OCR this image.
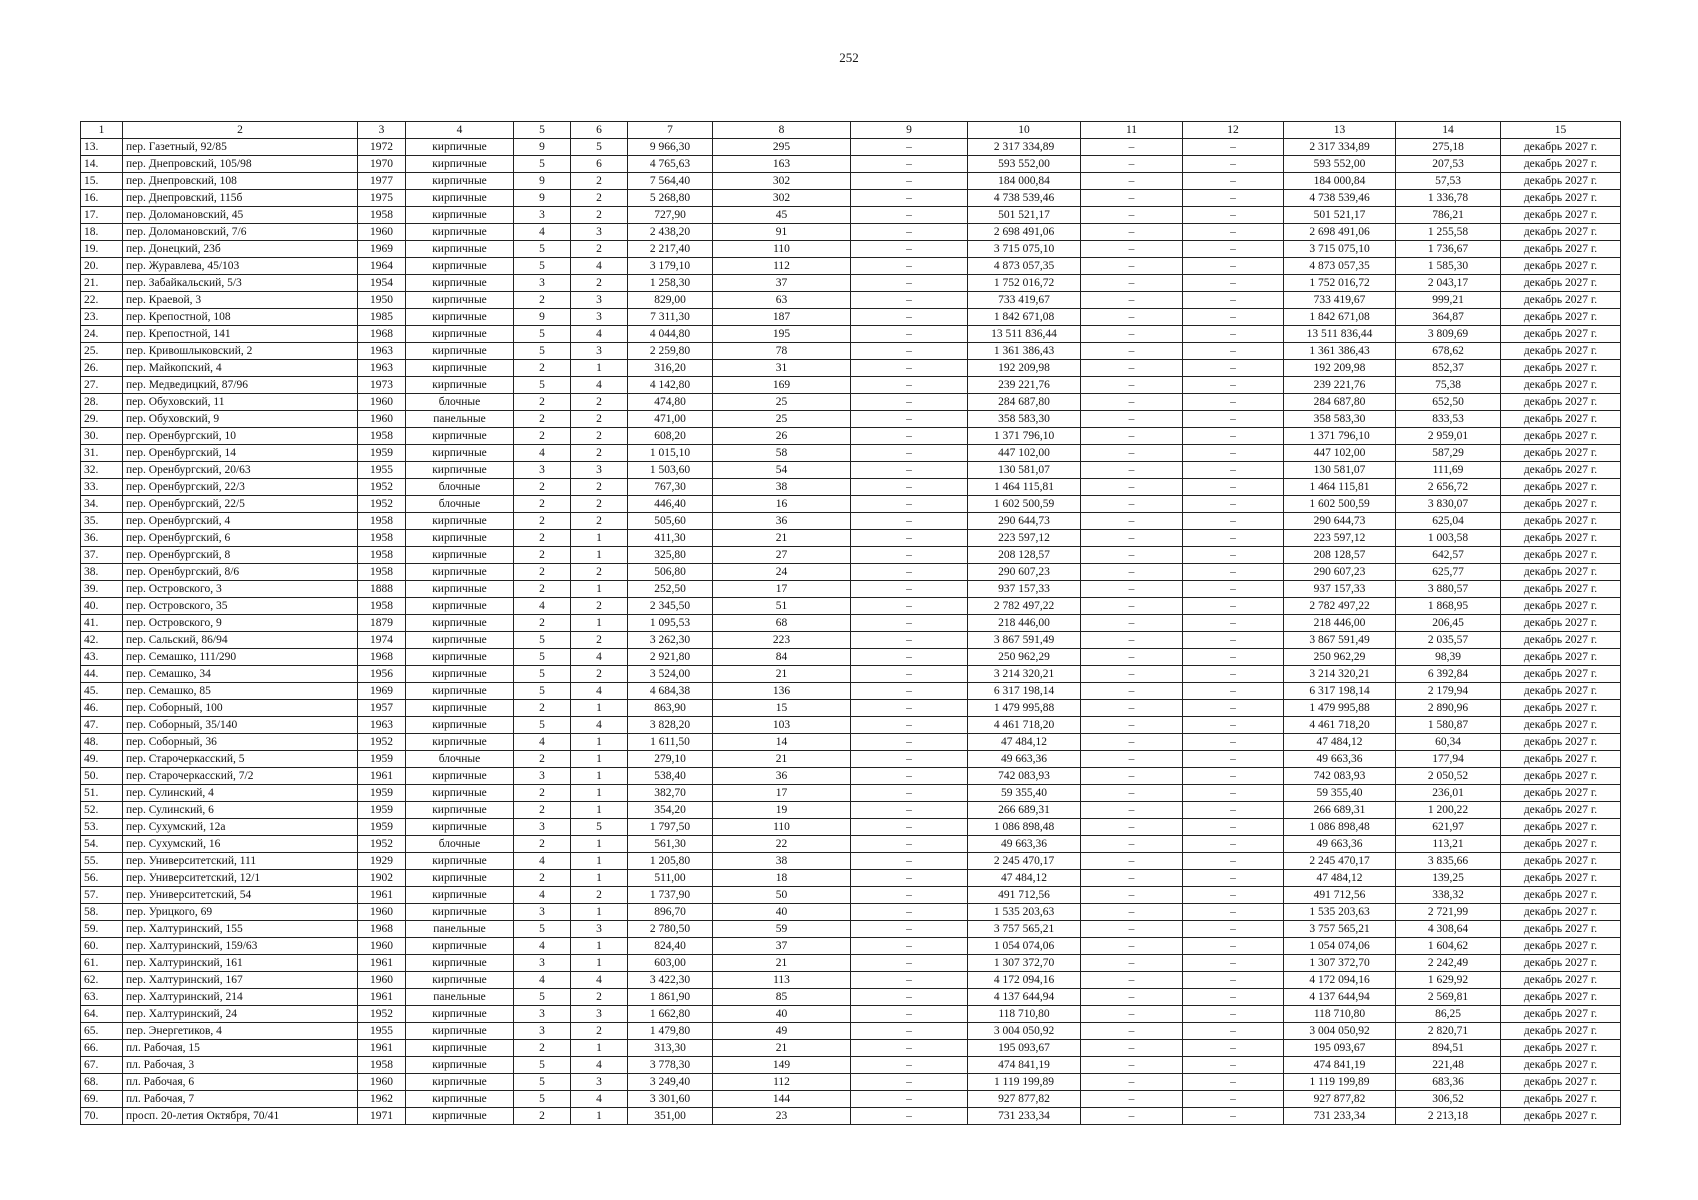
252
1	2	3	4	5	6	7	8	9	10	11	12	13	14	15
13.	пер. Газетный, 92/85	1972	кирпичные	9	5	9 966,30	295	–	2 317 334,89	–	–	2 317 334,89	275,18	декабрь 2027 г.
14.	пер. Днепровский, 105/98	1970	кирпичные	5	6	4 765,63	163	–	593 552,00	–	–	593 552,00	207,53	декабрь 2027 г.
15.	пер. Днепровский, 108	1977	кирпичные	9	2	7 564,40	302	–	184 000,84	–	–	184 000,84	57,53	декабрь 2027 г.
16.	пер. Днепровский, 115б	1975	кирпичные	9	2	5 268,80	302	–	4 738 539,46	–	–	4 738 539,46	1 336,78	декабрь 2027 г.
17.	пер. Доломановский, 45	1958	кирпичные	3	2	727,90	45	–	501 521,17	–	–	501 521,17	786,21	декабрь 2027 г.
18.	пер. Доломановский, 7/6	1960	кирпичные	4	3	2 438,20	91	–	2 698 491,06	–	–	2 698 491,06	1 255,58	декабрь 2027 г.
19.	пер. Донецкий, 23б	1969	кирпичные	5	2	2 217,40	110	–	3 715 075,10	–	–	3 715 075,10	1 736,67	декабрь 2027 г.
20.	пер. Журавлева, 45/103	1964	кирпичные	5	4	3 179,10	112	–	4 873 057,35	–	–	4 873 057,35	1 585,30	декабрь 2027 г.
21.	пер. Забайкальский, 5/3	1954	кирпичные	3	2	1 258,30	37	–	1 752 016,72	–	–	1 752 016,72	2 043,17	декабрь 2027 г.
22.	пер. Краевой, 3	1950	кирпичные	2	3	829,00	63	–	733 419,67	–	–	733 419,67	999,21	декабрь 2027 г.
23.	пер. Крепостной, 108	1985	кирпичные	9	3	7 311,30	187	–	1 842 671,08	–	–	1 842 671,08	364,87	декабрь 2027 г.
24.	пер. Крепостной, 141	1968	кирпичные	5	4	4 044,80	195	–	13 511 836,44	–	–	13 511 836,44	3 809,69	декабрь 2027 г.
25.	пер. Кривошлыковский, 2	1963	кирпичные	5	3	2 259,80	78	–	1 361 386,43	–	–	1 361 386,43	678,62	декабрь 2027 г.
26.	пер. Майкопский, 4	1963	кирпичные	2	1	316,20	31	–	192 209,98	–	–	192 209,98	852,37	декабрь 2027 г.
27.	пер. Медведицкий, 87/96	1973	кирпичные	5	4	4 142,80	169	–	239 221,76	–	–	239 221,76	75,38	декабрь 2027 г.
28.	пер. Обуховский, 11	1960	блочные	2	2	474,80	25	–	284 687,80	–	–	284 687,80	652,50	декабрь 2027 г.
29.	пер. Обуховский, 9	1960	панельные	2	2	471,00	25	–	358 583,30	–	–	358 583,30	833,53	декабрь 2027 г.
30.	пер. Оренбургский, 10	1958	кирпичные	2	2	608,20	26	–	1 371 796,10	–	–	1 371 796,10	2 959,01	декабрь 2027 г.
31.	пер. Оренбургский, 14	1959	кирпичные	4	2	1 015,10	58	–	447 102,00	–	–	447 102,00	587,29	декабрь 2027 г.
32.	пер. Оренбургский, 20/63	1955	кирпичные	3	3	1 503,60	54	–	130 581,07	–	–	130 581,07	111,69	декабрь 2027 г.
33.	пер. Оренбургский, 22/3	1952	блочные	2	2	767,30	38	–	1 464 115,81	–	–	1 464 115,81	2 656,72	декабрь 2027 г.
34.	пер. Оренбургский, 22/5	1952	блочные	2	2	446,40	16	–	1 602 500,59	–	–	1 602 500,59	3 830,07	декабрь 2027 г.
35.	пер. Оренбургский, 4	1958	кирпичные	2	2	505,60	36	–	290 644,73	–	–	290 644,73	625,04	декабрь 2027 г.
36.	пер. Оренбургский, 6	1958	кирпичные	2	1	411,30	21	–	223 597,12	–	–	223 597,12	1 003,58	декабрь 2027 г.
37.	пер. Оренбургский, 8	1958	кирпичные	2	1	325,80	27	–	208 128,57	–	–	208 128,57	642,57	декабрь 2027 г.
38.	пер. Оренбургский, 8/6	1958	кирпичные	2	2	506,80	24	–	290 607,23	–	–	290 607,23	625,77	декабрь 2027 г.
39.	пер. Островского, 3	1888	кирпичные	2	1	252,50	17	–	937 157,33	–	–	937 157,33	3 880,57	декабрь 2027 г.
40.	пер. Островского, 35	1958	кирпичные	4	2	2 345,50	51	–	2 782 497,22	–	–	2 782 497,22	1 868,95	декабрь 2027 г.
41.	пер. Островского, 9	1879	кирпичные	2	1	1 095,53	68	–	218 446,00	–	–	218 446,00	206,45	декабрь 2027 г.
42.	пер. Сальский, 86/94	1974	кирпичные	5	2	3 262,30	223	–	3 867 591,49	–	–	3 867 591,49	2 035,57	декабрь 2027 г.
43.	пер. Семашко, 111/290	1968	кирпичные	5	4	2 921,80	84	–	250 962,29	–	–	250 962,29	98,39	декабрь 2027 г.
44.	пер. Семашко, 34	1956	кирпичные	5	2	3 524,00	21	–	3 214 320,21	–	–	3 214 320,21	6 392,84	декабрь 2027 г.
45.	пер. Семашко, 85	1969	кирпичные	5	4	4 684,38	136	–	6 317 198,14	–	–	6 317 198,14	2 179,94	декабрь 2027 г.
46.	пер. Соборный, 100	1957	кирпичные	2	1	863,90	15	–	1 479 995,88	–	–	1 479 995,88	2 890,96	декабрь 2027 г.
47.	пер. Соборный, 35/140	1963	кирпичные	5	4	3 828,20	103	–	4 461 718,20	–	–	4 461 718,20	1 580,87	декабрь 2027 г.
48.	пер. Соборный, 36	1952	кирпичные	4	1	1 611,50	14	–	47 484,12	–	–	47 484,12	60,34	декабрь 2027 г.
49.	пер. Старочеркасский, 5	1959	блочные	2	1	279,10	21	–	49 663,36	–	–	49 663,36	177,94	декабрь 2027 г.
50.	пер. Старочеркасский, 7/2	1961	кирпичные	3	1	538,40	36	–	742 083,93	–	–	742 083,93	2 050,52	декабрь 2027 г.
51.	пер. Сулинский, 4	1959	кирпичные	2	1	382,70	17	–	59 355,40	–	–	59 355,40	236,01	декабрь 2027 г.
52.	пер. Сулинский, 6	1959	кирпичные	2	1	354,20	19	–	266 689,31	–	–	266 689,31	1 200,22	декабрь 2027 г.
53.	пер. Сухумский, 12а	1959	кирпичные	3	5	1 797,50	110	–	1 086 898,48	–	–	1 086 898,48	621,97	декабрь 2027 г.
54.	пер. Сухумский, 16	1952	блочные	2	1	561,30	22	–	49 663,36	–	–	49 663,36	113,21	декабрь 2027 г.
55.	пер. Университетский, 111	1929	кирпичные	4	1	1 205,80	38	–	2 245 470,17	–	–	2 245 470,17	3 835,66	декабрь 2027 г.
56.	пер. Университетский, 12/1	1902	кирпичные	2	1	511,00	18	–	47 484,12	–	–	47 484,12	139,25	декабрь 2027 г.
57.	пер. Университетский, 54	1961	кирпичные	4	2	1 737,90	50	–	491 712,56	–	–	491 712,56	338,32	декабрь 2027 г.
58.	пер. Урицкого, 69	1960	кирпичные	3	1	896,70	40	–	1 535 203,63	–	–	1 535 203,63	2 721,99	декабрь 2027 г.
59.	пер. Халтуринский, 155	1968	панельные	5	3	2 780,50	59	–	3 757 565,21	–	–	3 757 565,21	4 308,64	декабрь 2027 г.
60.	пер. Халтуринский, 159/63	1960	кирпичные	4	1	824,40	37	–	1 054 074,06	–	–	1 054 074,06	1 604,62	декабрь 2027 г.
61.	пер. Халтуринский, 161	1961	кирпичные	3	1	603,00	21	–	1 307 372,70	–	–	1 307 372,70	2 242,49	декабрь 2027 г.
62.	пер. Халтуринский, 167	1960	кирпичные	4	4	3 422,30	113	–	4 172 094,16	–	–	4 172 094,16	1 629,92	декабрь 2027 г.
63.	пер. Халтуринский, 214	1961	панельные	5	2	1 861,90	85	–	4 137 644,94	–	–	4 137 644,94	2 569,81	декабрь 2027 г.
64.	пер. Халтуринский, 24	1952	кирпичные	3	3	1 662,80	40	–	118 710,80	–	–	118 710,80	86,25	декабрь 2027 г.
65.	пер. Энергетиков, 4	1955	кирпичные	3	2	1 479,80	49	–	3 004 050,92	–	–	3 004 050,92	2 820,71	декабрь 2027 г.
66.	пл. Рабочая, 15	1961	кирпичные	2	1	313,30	21	–	195 093,67	–	–	195 093,67	894,51	декабрь 2027 г.
67.	пл. Рабочая, 3	1958	кирпичные	5	4	3 778,30	149	–	474 841,19	–	–	474 841,19	221,48	декабрь 2027 г.
68.	пл. Рабочая, 6	1960	кирпичные	5	3	3 249,40	112	–	1 119 199,89	–	–	1 119 199,89	683,36	декабрь 2027 г.
69.	пл. Рабочая, 7	1962	кирпичные	5	4	3 301,60	144	–	927 877,82	–	–	927 877,82	306,52	декабрь 2027 г.
70.	просп. 20-летия Октября, 70/41	1971	кирпичные	2	1	351,00	23	–	731 233,34	–	–	731 233,34	2 213,18	декабрь 2027 г.
